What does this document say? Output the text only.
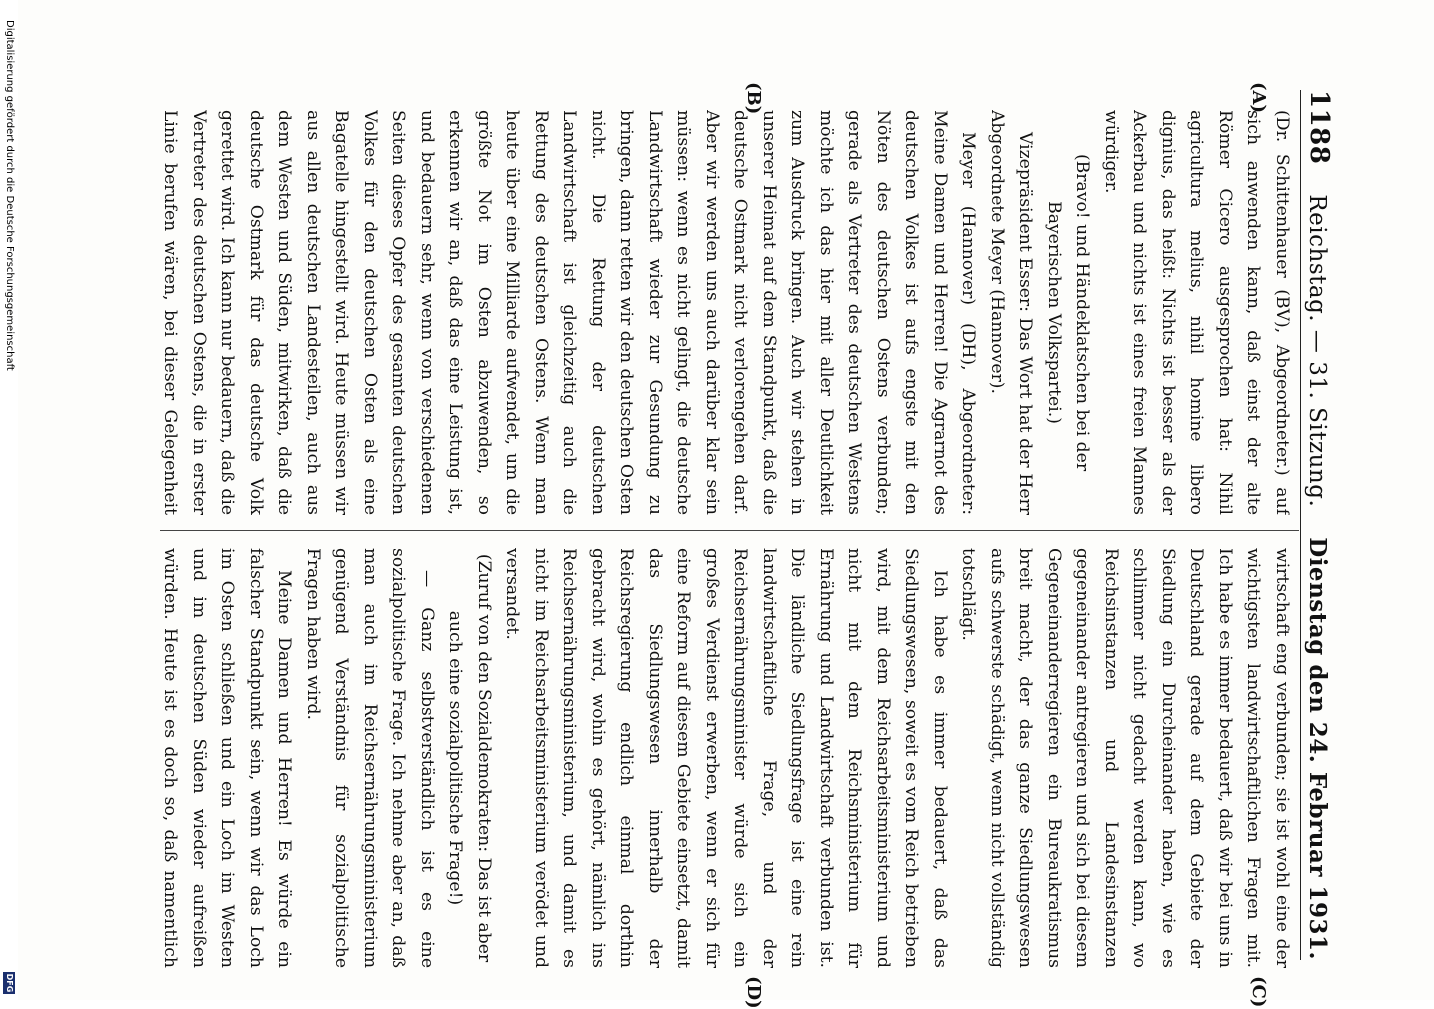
1188
Reichstag. — 31. Sitzung.
Dienstag den 24. Februar 1931.
(A)
(B)
(C)
(D)

(Dr. Schittenhauer (BV), Abgeordneter.) auf sich anwenden kann, daß einst der alte Römer Cicero ausgesprochen hat: Nihil agricultura melius, nihil homine libero dignius, das heißt: Nichts ist besser als der Ackerbau und nichts ist eines freien Mannes würdiger.

(Bravo! und Händeklatschen bei der Bayerischen Volkspartei.)

Vizepräsident Esser: Das Wort hat der Herr Abgeordnete Meyer (Hannover).

Meyer (Hannover) (DH), Abgeordneter: Meine Damen und Herren! Die Agrarnot des deutschen Volkes ist aufs engste mit den Nöten des deutschen Ostens verbunden; gerade als Vertreter des deutschen Westens möchte ich das hier mit aller Deutlichkeit zum Ausdruck bringen. Auch wir stehen in unserer Heimat auf dem Standpunkt, daß die deutsche Ostmark nicht verlorengehen darf. Aber wir werden uns auch darüber klar sein müssen: wenn es nicht gelingt, die deutsche Landwirtschaft wieder zur Gesundung zu bringen, dann retten wir den deutschen Osten nicht. Die Rettung der deutschen Landwirtschaft ist gleichzeitig auch die Rettung des deutschen Ostens. Wenn man heute über eine Milliarde aufwendet, um die größte Not im Osten abzuwenden, so erkennen wir an, daß das eine Leistung ist, und bedauern sehr, wenn von verschiedenen Seiten dieses Opfer des gesamten deutschen Volkes für den deutschen Osten als eine Bagatelle hingestellt wird. Heute müssen wir aus allen deutschen Landesteilen, auch aus dem Westen und Süden, mitwirken, daß die deutsche Ostmark für das deutsche Volk gerettet wird. Ich kann nur bedauern, daß die Vertreter des deutschen Ostens, die in erster Linie berufen wären, bei dieser Gelegenheit

wirtschaft eng verbunden; sie ist wohl eine der wichtigsten landwirtschaftlichen Fragen mit. Ich habe es immer bedauert, daß wir bei uns in Deutschland gerade auf dem Gebiete der Siedlung ein Durcheinander haben, wie es schlimmer nicht gedacht werden kann, wo Reichsinstanzen und Landesinstanzen gegeneinander antregieren und sich bei diesem Gegeneinanderregieren ein Bureaukratismus breit macht, der das ganze Siedlungswesen aufs schwerste schädigt, wenn nicht vollständig totschlägt.

Ich habe es immer bedauert, daß das Siedlungswesen, soweit es vom Reich betrieben wird, mit dem Reichsarbeitsministerium und nicht mit dem Reichsministerium für Ernährung und Landwirtschaft verbunden ist. Die ländliche Siedlungsfrage ist eine rein landwirtschaftliche Frage, und der Reichsernährungsminister würde sich ein großes Verdienst erwerben, wenn er sich für eine Reform auf diesem Gebiete einsetzt, damit das Siedlungswesen innerhalb der Reichsregierung endlich einmal dorthin gebracht wird, wohin es gehört, nämlich ins Reichsernährungsministerium, und damit es nicht im Reichsarbeitsministerium verödet und versandet.

(Zuruf von den Sozialdemokraten: Das ist aber auch eine sozialpolitische Frage!)

— Ganz selbstverständlich ist es eine sozialpolitische Frage. Ich nehme aber an, daß man auch im Reichsernährungsministerium genügend Verständnis für sozialpolitische Fragen haben wird.

Meine Damen und Herren! Es würde ein falscher Standpunkt sein, wenn wir das Loch im Osten schließen und ein Loch im Westen und im deutschen Süden wieder aufreißen würden. Heute ist es doch so, daß namentlich

Digitalisierung gefördert durch die Deutsche Forschungsgemeinschaft
DFG
